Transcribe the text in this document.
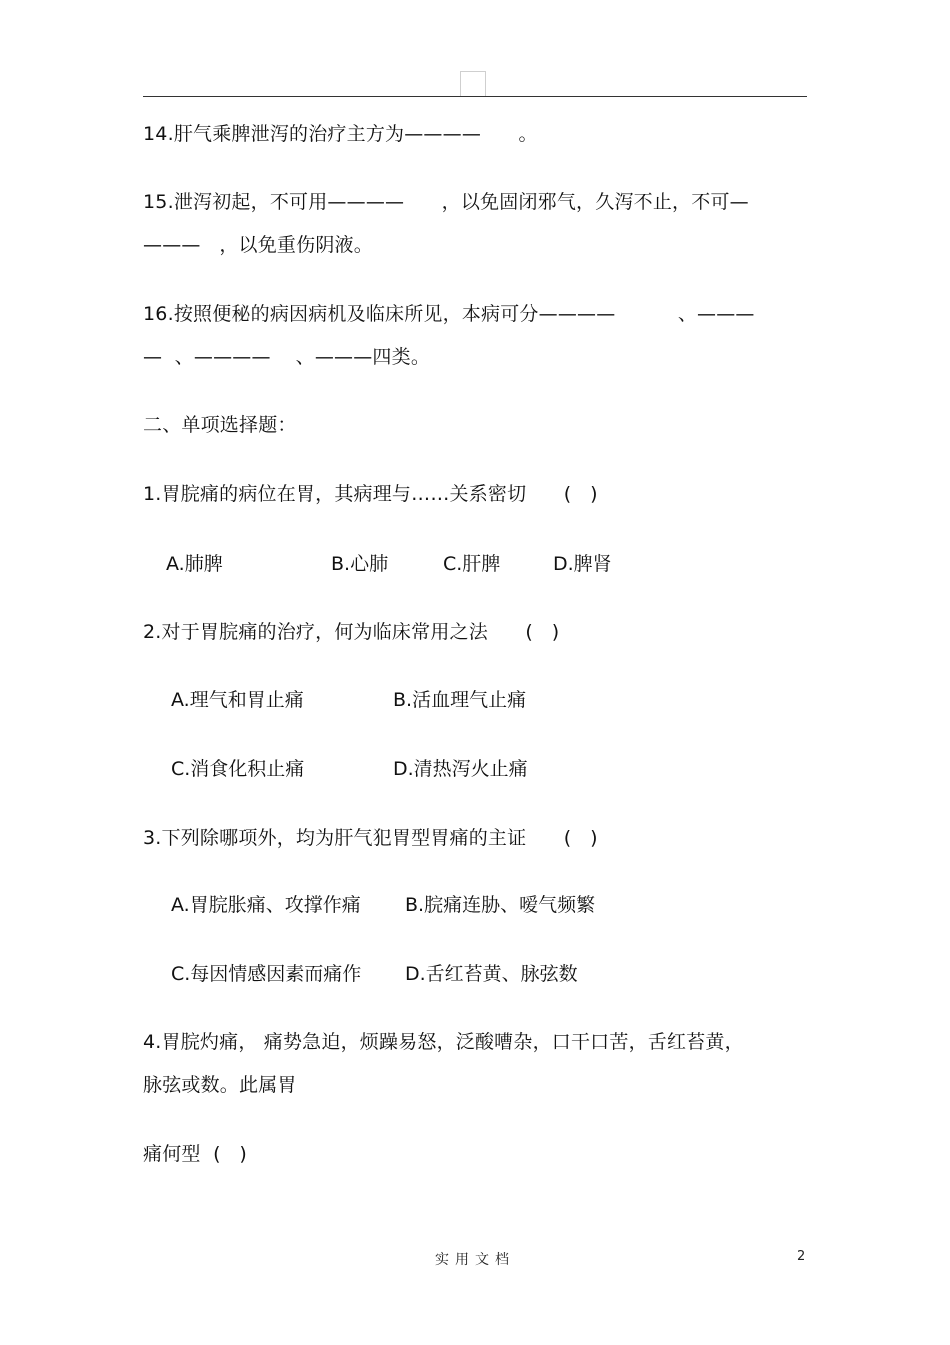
14.肝气乘脾泄泻的治疗主方为————      。
15.泄泻初起，不可用————      ，以免固闭邪气，久泻不止，不可—
———   ，以免重伤阴液。
16.按照便秘的病因病机及临床所见，本病可分————          、———
—  、————    、———四类。
二、单项选择题：
1.胃脘痛的病位在胃，其病理与……关系密切      (   )
A.肺脾	B.心肺	C.肝脾	D.脾肾
2.对于胃脘痛的治疗，何为临床常用之法      (   )
A.理气和胃止痛	B.活血理气止痛
C.消食化积止痛	D.清热泻火止痛
3.下列除哪项外，均为肝气犯胃型胃痛的主证      (   )
A.胃脘胀痛、攻撑作痛 B.脘痛连胁、嗳气频繁
C.每因情感因素而痛作 D.舌红苔黄、脉弦数
4.胃脘灼痛， 痛势急迫，烦躁易怒，泛酸嘈杂，口干口苦，舌红苔黄，
脉弦或数。此属胃
痛何型  (   )
实用文档	2
